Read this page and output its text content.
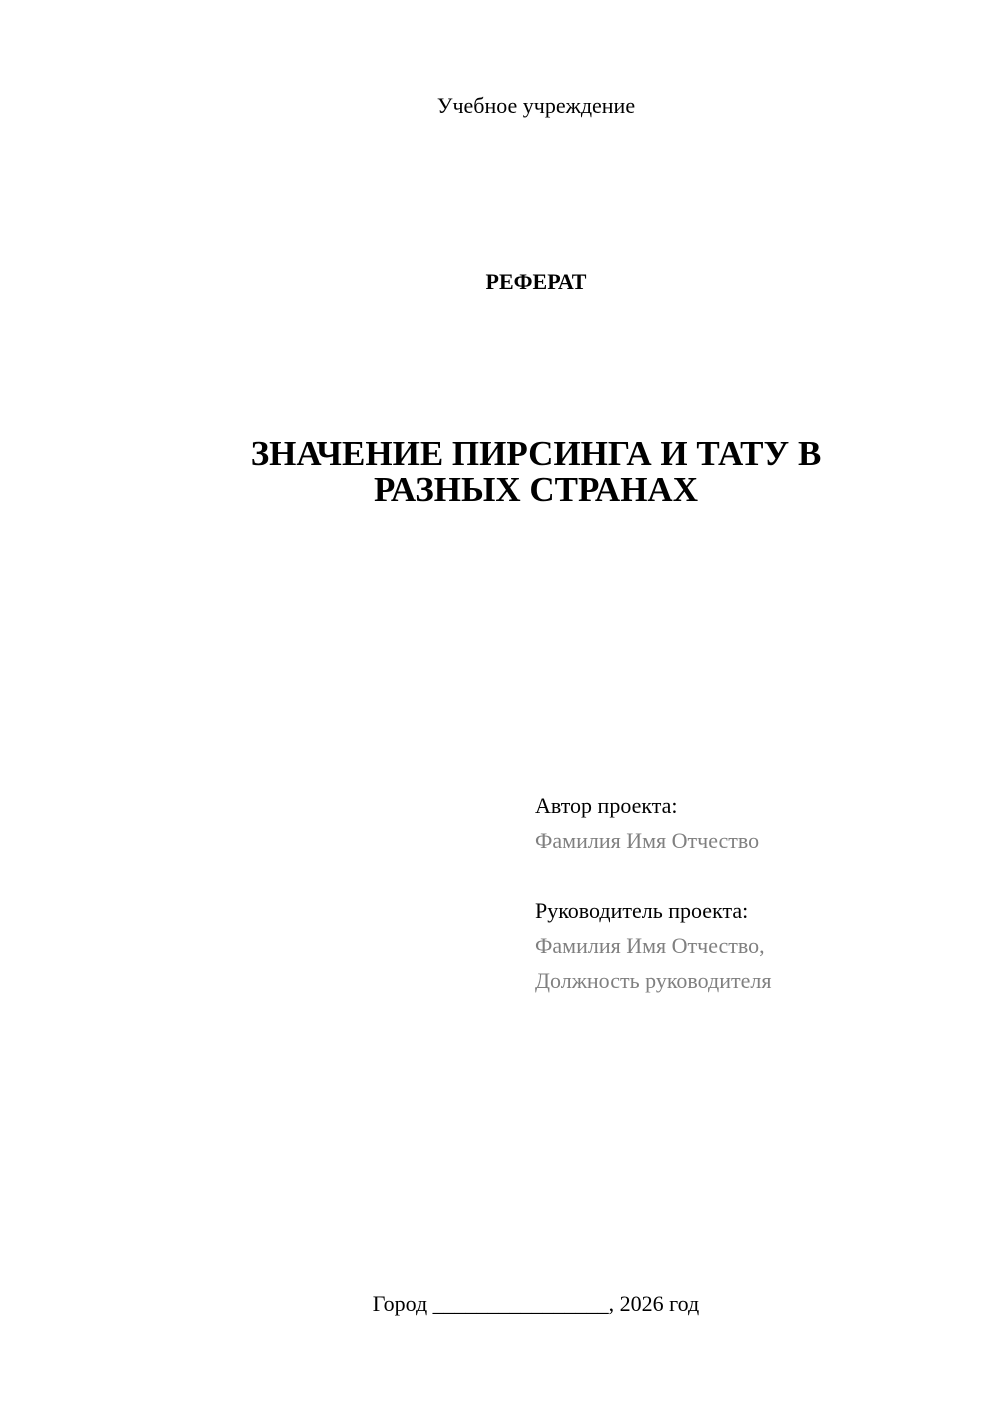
Учебное учреждение
РЕФЕРАТ
ЗНАЧЕНИЕ ПИРСИНГА И ТАТУ В
РАЗНЫХ СТРАНАХ
Автор проекта:
Фамилия Имя Отчество
Руководитель проекта:
Фамилия Имя Отчество,
Должность руководителя
Город ________________, 2026 год
